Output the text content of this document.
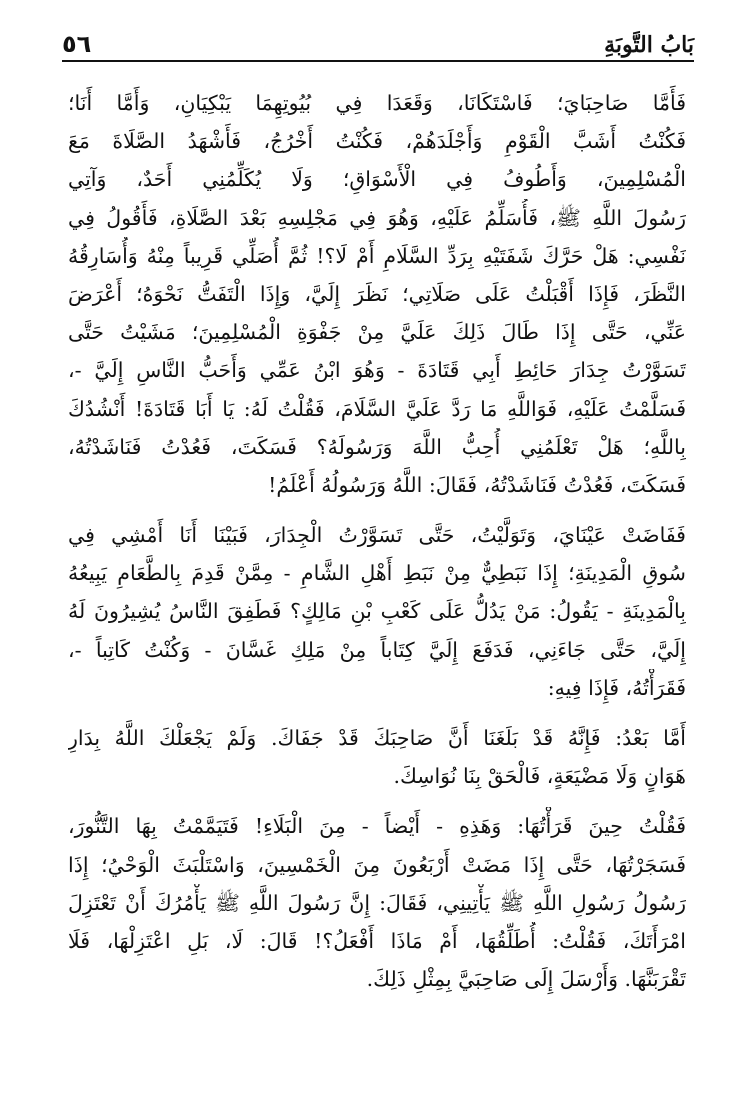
بَابُ التَّوبَةِ
٥٦
فَأَمَّا صَاحِبَايَ؛ فَاسْتَكَانَا، وَقَعَدَا فِي بُيُوتِهِمَا يَبْكِيَانِ، وَأَمَّا أَنَا؛
فَكُنْتُ أَشَبَّ الْقَوْمِ وَأَجْلَدَهُمْ، فَكُنْتُ أَخْرُجُ، فَأَشْهَدُ الصَّلَاةَ مَعَ
الْمُسْلِمِينَ، وَأَطُوفُ فِي الْأَسْوَاقِ؛ وَلَا يُكَلِّمُنِي أَحَدٌ، وَآتِي
رَسُولَ اللَّهِ ﷺ، فَأُسَلِّمُ عَلَيْهِ، وَهُوَ فِي مَجْلِسِهِ بَعْدَ الصَّلَاةِ، فَأَقُولُ فِي
نَفْسِي: هَلْ حَرَّكَ شَفَتَيْهِ بِرَدِّ السَّلَامِ أَمْ لَا؟! ثُمَّ أُصَلِّي قَرِيباً مِنْهُ وَأُسَارِقُهُ
النَّظَرَ، فَإِذَا أَقْبَلْتُ عَلَى صَلَاتِي؛ نَظَرَ إِلَيَّ، وَإِذَا الْتَفَتُّ نَحْوَهُ؛ أَعْرَضَ
عَنِّي، حَتَّى إِذَا طَالَ ذَلِكَ عَلَيَّ مِنْ جَفْوَةِ الْمُسْلِمِينَ؛ مَشَيْتُ حَتَّى
تَسَوَّرْتُ جِدَارَ حَائِطِ أَبِي قَتَادَةَ - وَهُوَ ابْنُ عَمِّي وَأَحَبُّ النَّاسِ إِلَيَّ -،
فَسَلَّمْتُ عَلَيْهِ، فَوَاللَّهِ مَا رَدَّ عَلَيَّ السَّلَامَ، فَقُلْتُ لَهُ: يَا أَبَا قَتَادَةَ! أَنْشُدُكَ
بِاللَّهِ؛ هَلْ تَعْلَمُنِي أُحِبُّ اللَّهَ وَرَسُولَهُ؟ فَسَكَتَ، فَعُدْتُ فَنَاشَدْتُهُ،
فَسَكَتَ، فَعُدْتُ فَنَاشَدْتُهُ، فَقَالَ: اللَّهُ وَرَسُولُهُ أَعْلَمُ!
فَفَاضَتْ عَيْنَايَ، وَتَوَلَّيْتُ، حَتَّى تَسَوَّرْتُ الْجِدَارَ، فَبَيْنَا أَنَا أَمْشِي فِي
سُوقِ الْمَدِينَةِ؛ إِذَا نَبَطِيٌّ مِنْ نَبَطِ أَهْلِ الشَّامِ - مِمَّنْ قَدِمَ بِالطَّعَامِ يَبِيعُهُ
بِالْمَدِينَةِ - يَقُولُ: مَنْ يَدُلُّ عَلَى كَعْبِ بْنِ مَالِكٍ؟ فَطَفِقَ النَّاسُ يُشِيرُونَ لَهُ
إِلَيَّ، حَتَّى جَاءَنِي، فَدَفَعَ إِلَيَّ كِتَاباً مِنْ مَلِكِ غَسَّانَ - وَكُنْتُ كَاتِباً -،
فَقَرَأْتُهُ، فَإِذَا فِيهِ:
أَمَّا بَعْدُ: فَإِنَّهُ قَدْ بَلَغَنَا أَنَّ صَاحِبَكَ قَدْ جَفَاكَ. وَلَمْ يَجْعَلْكَ اللَّهُ بِدَارِ
هَوَانٍ وَلَا مَضْيَعَةٍ، فَالْحَقْ بِنَا نُوَاسِكَ.
فَقُلْتُ حِينَ قَرَأْتُهَا: وَهَذِهِ - أَيْضاً - مِنَ الْبَلَاءِ! فَتَيَمَّمْتُ بِهَا التَّنُّورَ،
فَسَجَرْتُهَا، حَتَّى إِذَا مَضَتْ أَرْبَعُونَ مِنَ الْخَمْسِينَ، وَاسْتَلْبَثَ الْوَحْيُ؛ إِذَا
رَسُولُ رَسُولِ اللَّهِ ﷺ يَأْتِينِي، فَقَالَ: إِنَّ رَسُولَ اللَّهِ ﷺ يَأْمُرُكَ أَنْ تَعْتَزِلَ
امْرَأَتَكَ، فَقُلْتُ: أُطَلِّقُهَا، أَمْ مَاذَا أَفْعَلُ؟! قَالَ: لَا، بَلِ اعْتَزِلْهَا، فَلَا
تَقْرَبَنَّهَا. وَأَرْسَلَ إِلَى صَاحِبَيَّ بِمِثْلِ ذَلِكَ.
